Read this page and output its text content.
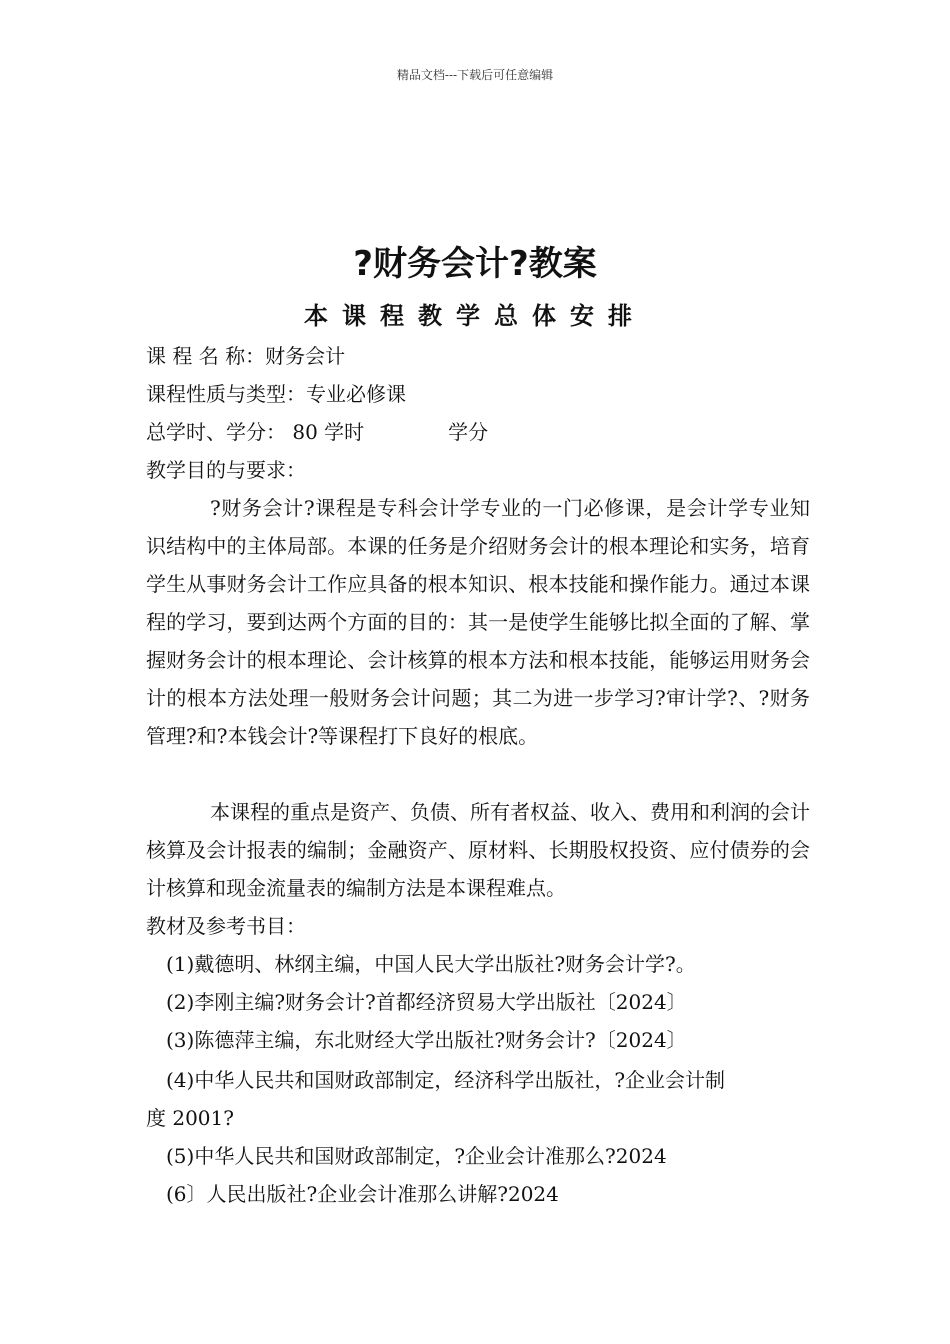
精品文档---下载后可任意编辑
?财务会计?教案
本课程教学总体安排
课 程 名 称：财务会计
课程性质与类型：专业必修课
总学时、学分： 80 学时	学分
教学目的与要求：
?财务会计?课程是专科会计学专业的一门必修课，是会计学专业知识结构中的主体局部。本课的任务是介绍财务会计的根本理论和实务，培育学生从事财务会计工作应具备的根本知识、根本技能和操作能力。通过本课程的学习，要到达两个方面的目的：其一是使学生能够比拟全面的了解、掌握财务会计的根本理论、会计核算的根本方法和根本技能，能够运用财务会计的根本方法处理一般财务会计问题；其二为进一步学习?审计学?、?财务管理?和?本钱会计?等课程打下良好的根底。
本课程的重点是资产、负债、所有者权益、收入、费用和利润的会计核算及会计报表的编制；金融资产、原材料、长期股权投资、应付债券的会计核算和现金流量表的编制方法是本课程难点。
教材及参考书目：
(1)戴德明、林纲主编，中国人民大学出版社?财务会计学?。
(2)李刚主编?财务会计?首都经济贸易大学出版社〔2024〕
(3)陈德萍主编，东北财经大学出版社?财务会计?〔2024〕
(4)中华人民共和国财政部制定，经济科学出版社，?企业会计制
度 2001?
(5)中华人民共和国财政部制定，?企业会计准那么?2024
(6〕人民出版社?企业会计准那么讲解?2024
